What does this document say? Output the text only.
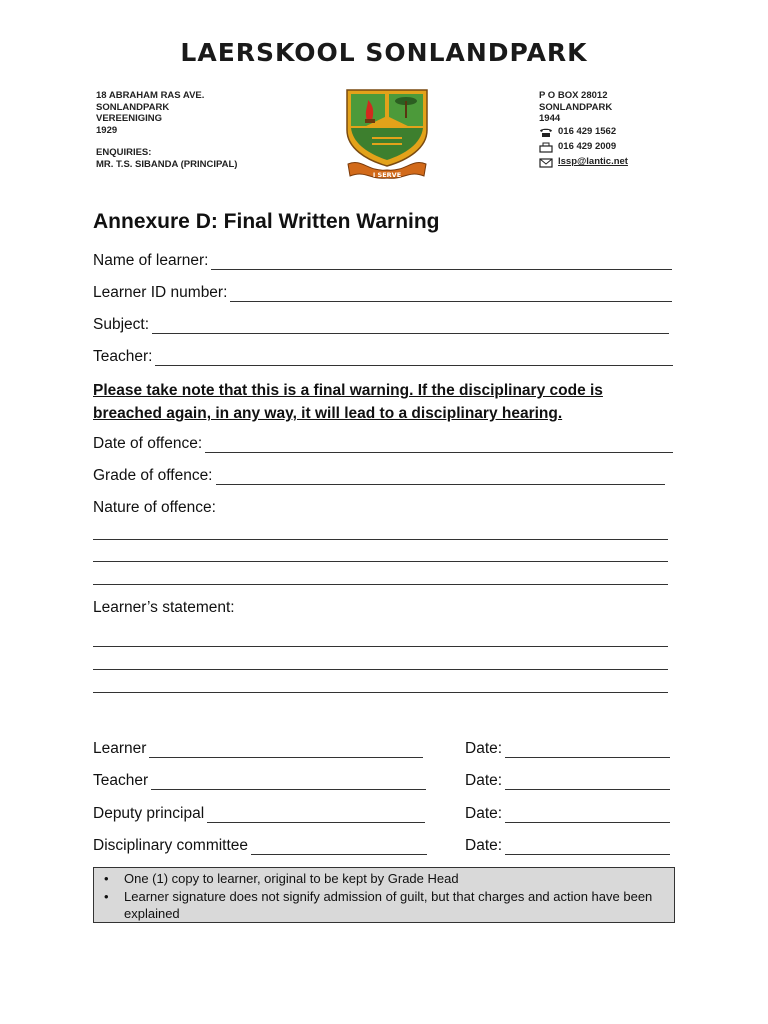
LAERSKOOL SONLANDPARK
18 ABRAHAM RAS AVE.
SONLANDPARK
VEREENIGING
1929
ENQUIRIES:
MR. T.S. SIBANDA (PRINCIPAL)
I SERVE
P O BOX 28012
SONLANDPARK
1944
016 429 1562
016 429 2009
lssp@lantic.net
Annexure D: Final Written Warning
Name of learner:
Learner ID number:
Subject:
Teacher:
Please take note that this is a final warning. If the disciplinary code is
breached again, in any way, it will lead to a disciplinary hearing.
Date of offence:
Grade of offence:
Nature of offence:
Learner’s statement:
Learner	Date:
Teacher	Date:
Deputy principal	Date:
Disciplinary committee	Date:
• One (1) copy to learner, original to be kept by Grade Head
• Learner signature does not signify admission of guilt, but that charges and action have been explained
